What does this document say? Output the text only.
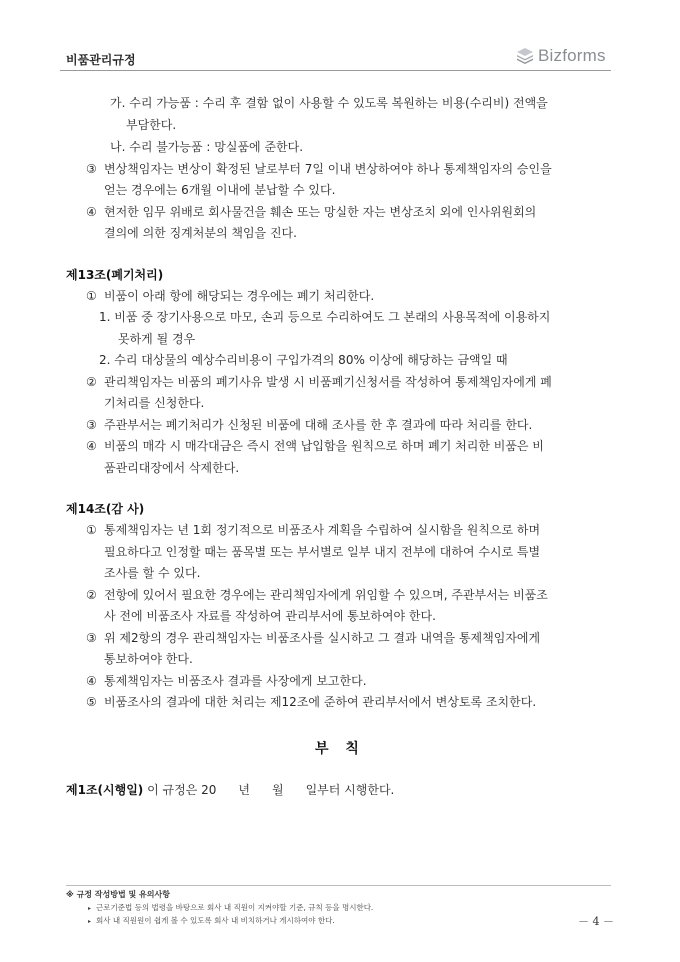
비품관리규정	Bizforms
가. 수리 가능품 : 수리 후 결함 없이 사용할 수 있도록 복원하는 비용(수리비) 전액을
부담한다.
나. 수리 불가능품 : 망실품에 준한다.
③ 변상책임자는 변상이 확정된 날로부터 7일 이내 변상하여야 하나 통제책임자의 승인을
얻는 경우에는 6개월 이내에 분납할 수 있다.
④ 현저한 임무 위배로 회사물건을 훼손 또는 망실한 자는 변상조치 외에 인사위원회의
결의에 의한 징계처분의 책임을 진다.
제13조(폐기처리)
① 비품이 아래 항에 해당되는 경우에는 폐기 처리한다.
1. 비품 중 장기사용으로 마모, 손괴 등으로 수리하여도 그 본래의 사용목적에 이용하지
못하게 될 경우
2. 수리 대상물의 예상수리비용이 구입가격의 80% 이상에 해당하는 금액일 때
② 관리책임자는 비품의 폐기사유 발생 시 비품폐기신청서를 작성하여 통제책임자에게 폐
기처리를 신청한다.
③ 주관부서는 폐기처리가 신청된 비품에 대해 조사를 한 후 결과에 따라 처리를 한다.
④ 비품의 매각 시 매각대금은 즉시 전액 납입함을 원칙으로 하며 폐기 처리한 비품은 비
품관리대장에서 삭제한다.
제14조(감 사)
① 통제책임자는 년 1회 정기적으로 비품조사 계획을 수립하여 실시함을 원칙으로 하며
필요하다고 인정할 때는 품목별 또는 부서별로 일부 내지 전부에 대하여 수시로 특별
조사를 할 수 있다.
② 전항에 있어서 필요한 경우에는 관리책임자에게 위임할 수 있으며, 주관부서는 비품조
사 전에 비품조사 자료를 작성하여 관리부서에 통보하여야 한다.
③ 위 제2항의 경우 관리책임자는 비품조사를 실시하고 그 결과 내역을 통제책임자에게
통보하여야 한다.
④ 통제책임자는 비품조사 결과를 사장에게 보고한다.
⑤ 비품조사의 결과에 대한 처리는 제12조에 준하여 관리부서에서 변상토록 조치한다.
부 칙
제1조(시행일) 이 규정은 20 년 월 일부터 시행한다.
※ 규정 작성방법 및 유의사항
▸ 근로기준법 등의 법령을 바탕으로 회사 내 직원이 지켜야할 기준, 규칙 등을 명시한다.
▸ 회사 내 직원원이 쉽게 볼 수 있도록 회사 내 비치하거나 게시하여야 한다.	－ 4 －
